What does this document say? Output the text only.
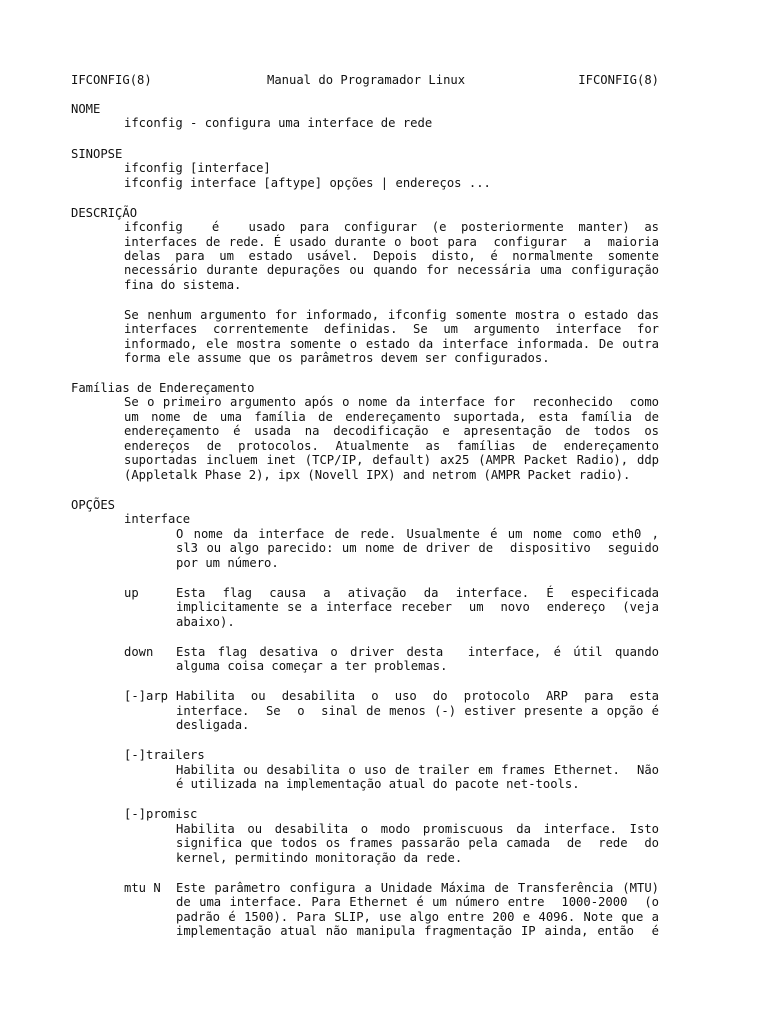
IFCONFIG(8)	Manual do Programador Linux	IFCONFIG(8)
NOME
ifconfig - configura uma interface de rede
SINOPSE
ifconfig [interface]
ifconfig interface [aftype] opções | endereços ...
DESCRIÇÃO
ifconfig  é  usado para configurar (e posteriormente manter) as
interfaces de rede. É usado durante o boot para  configurar  a  maioria
delas para um estado usável. Depois disto, é normalmente somente
necessário durante depurações ou quando for necessária uma configuração
fina do sistema.
Se nenhum argumento for informado, ifconfig somente mostra o estado das
interfaces correntemente definidas. Se um argumento interface for
informado, ele mostra somente o estado da interface informada. De outra
forma ele assume que os parâmetros devem ser configurados.
Famílias de Endereçamento
Se o primeiro argumento após o nome da interface for  reconhecido  como
um nome de uma família de endereçamento suportada, esta família de
endereçamento é usada na decodificação e apresentação de todos os
endereços de protocolos. Atualmente as famílias de endereçamento
suportadas incluem inet (TCP/IP, default) ax25 (AMPR Packet Radio), ddp
(Appletalk Phase 2), ipx (Novell IPX) and netrom (AMPR Packet radio).
OPÇÕES
interface
O nome da interface de rede. Usualmente é um nome como eth0 ,
sl3 ou algo parecido: um nome de driver de  dispositivo  seguido
por um número.
up	Esta flag causa a ativação da interface. É especificada
implicitamente se a interface receber  um  novo  endereço  (veja
abaixo).
down Esta flag desativa o driver desta  interface, é útil quando
alguma coisa começar a ter problemas.
[-]arp Habilita ou desabilita o uso do protocolo ARP para esta
interface.  Se  o  sinal de menos (-) estiver presente a opção é
desligada.
[-]trailers
Habilita ou desabilita o uso de trailer em frames Ethernet.  Não
é utilizada na implementação atual do pacote net-tools.
[-]promisc
Habilita ou desabilita o modo promiscuous da interface. Isto
significa que todos os frames passarão pela camada  de  rede  do
kernel, permitindo monitoração da rede.
mtu N Este parâmetro configura a Unidade Máxima de Transferência (MTU)
de uma interface. Para Ethernet é um número entre  1000-2000  (o
padrão é 1500). Para SLIP, use algo entre 200 e 4096. Note que a
implementação atual não manipula fragmentação IP ainda, então  é
